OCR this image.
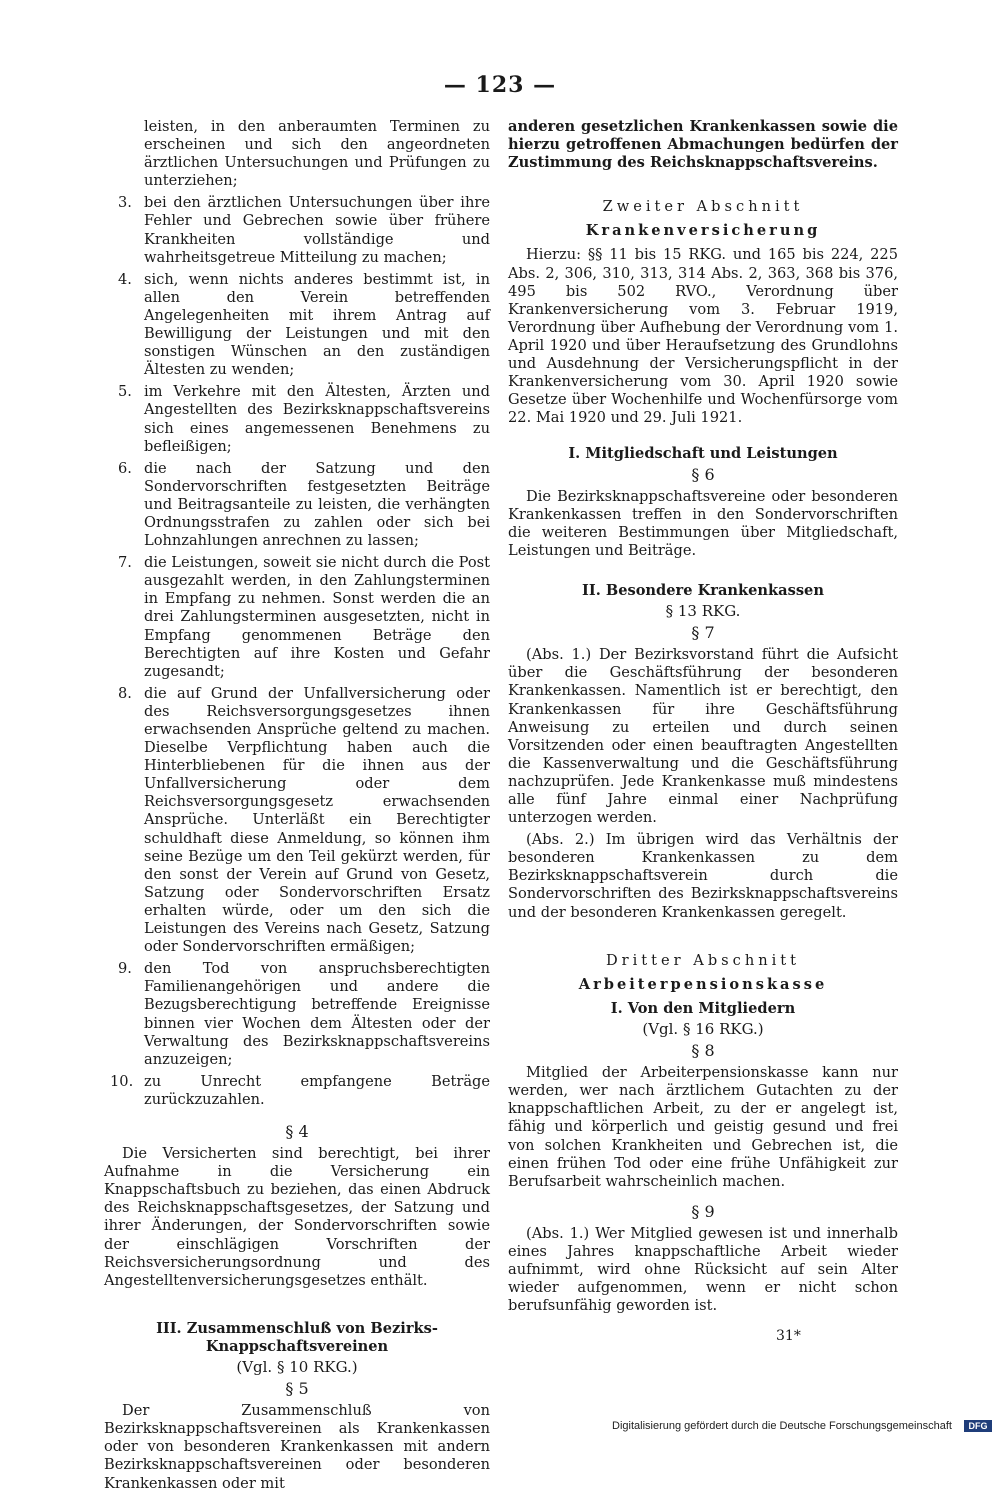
— 123 —
leisten, in den anberaumten Terminen zu erscheinen und sich den angeordneten ärztlichen Untersuchungen und Prüfungen zu unterziehen;
3. bei den ärztlichen Untersuchungen über ihre Fehler und Gebrechen sowie über frühere Krankheiten vollständige und wahrheitsgetreue Mitteilung zu machen;
4. sich, wenn nichts anderes bestimmt ist, in allen den Verein betreffenden Angelegenheiten mit ihrem Antrag auf Bewilligung der Leistungen und mit den sonstigen Wünschen an den zuständigen Ältesten zu wenden;
5. im Verkehre mit den Ältesten, Ärzten und Angestellten des Bezirksknappschaftsvereins sich eines angemessenen Benehmens zu befleißigen;
6. die nach der Satzung und den Sondervorschriften festgesetzten Beiträge und Beitragsanteile zu leisten, die verhängten Ordnungsstrafen zu zahlen oder sich bei Lohnzahlungen anrechnen zu lassen;
7. die Leistungen, soweit sie nicht durch die Post ausgezahlt werden, in den Zahlungsterminen in Empfang zu nehmen. Sonst werden die an drei Zahlungsterminen ausgesetzten, nicht in Empfang genommenen Beträge den Berechtigten auf ihre Kosten und Gefahr zugesandt;
8. die auf Grund der Unfallversicherung oder des Reichsversorgungsgesetzes ihnen erwachsenden Ansprüche geltend zu machen. Dieselbe Verpflichtung haben auch die Hinterbliebenen für die ihnen aus der Unfallversicherung oder dem Reichsversorgungsgesetz erwachsenden Ansprüche. Unterläßt ein Berechtigter schuldhaft diese Anmeldung, so können ihm seine Bezüge um den Teil gekürzt werden, für den sonst der Verein auf Grund von Gesetz, Satzung oder Sondervorschriften Ersatz erhalten würde, oder um den sich die Leistungen des Vereins nach Gesetz, Satzung oder Sondervorschriften ermäßigen;
9. den Tod von anspruchsberechtigten Familienangehörigen und andere die Bezugsberechtigung betreffende Ereignisse binnen vier Wochen dem Ältesten oder der Verwaltung des Bezirksknappschaftsvereins anzuzeigen;
10. zu Unrecht empfangene Beträge zurückzuzahlen.
§ 4

Die Versicherten sind berechtigt, bei ihrer Aufnahme in die Versicherung ein Knappschaftsbuch zu beziehen, das einen Abdruck des Reichsknappschaftsgesetzes, der Satzung und ihrer Änderungen, der Sondervorschriften sowie der einschlägigen Vorschriften der Reichsversicherungsordnung und des Angestelltenversicherungsgesetzes enthält.

III. Zusammenschluß von Bezirks-Knappschaftsvereinen
(Vgl. § 10 RKG.)
§ 5

Der Zusammenschluß von Bezirksknappschaftsvereinen als Krankenkassen oder von besonderen Krankenkassen mit andern Bezirksknappschaftsvereinen oder besonderen Krankenkassen oder mit

anderen gesetzlichen Krankenkassen sowie die hierzu getroffenen Abmachungen bedürfen der Zustimmung des Reichsknappschaftsvereins.

Zweiter Abschnitt
Krankenversicherung

Hierzu: §§ 11 bis 15 RKG. und 165 bis 224, 225 Abs. 2, 306, 310, 313, 314 Abs. 2, 363, 368 bis 376, 495 bis 502 RVO., Verordnung über Krankenversicherung vom 3. Februar 1919, Verordnung über Aufhebung der Verordnung vom 1. April 1920 und über Heraufsetzung des Grundlohns und Ausdehnung der Versicherungspflicht in der Krankenversicherung vom 30. April 1920 sowie Gesetze über Wochenhilfe und Wochenfürsorge vom 22. Mai 1920 und 29. Juli 1921.

I. Mitgliedschaft und Leistungen
§ 6

Die Bezirksknappschaftsvereine oder besonderen Krankenkassen treffen in den Sondervorschriften die weiteren Bestimmungen über Mitgliedschaft, Leistungen und Beiträge.

II. Besondere Krankenkassen
§ 13 RKG.
§ 7

(Abs. 1.) Der Bezirksvorstand führt die Aufsicht über die Geschäftsführung der besonderen Krankenkassen. Namentlich ist er berechtigt, den Krankenkassen für ihre Geschäftsführung Anweisung zu erteilen und durch seinen Vorsitzenden oder einen beauftragten Angestellten die Kassenverwaltung und die Geschäftsführung nachzuprüfen. Jede Krankenkasse muß mindestens alle fünf Jahre einmal einer Nachprüfung unterzogen werden.

(Abs. 2.) Im übrigen wird das Verhältnis der besonderen Krankenkassen zu dem Bezirksknappschaftsverein durch die Sondervorschriften des Bezirksknappschaftsvereins und der besonderen Krankenkassen geregelt.

Dritter Abschnitt
Arbeiterpensionskasse
I. Von den Mitgliedern
(Vgl. § 16 RKG.)
§ 8

Mitglied der Arbeiterpensionskasse kann nur werden, wer nach ärztlichem Gutachten zu der knappschaftlichen Arbeit, zu der er angelegt ist, fähig und körperlich und geistig gesund und frei von solchen Krankheiten und Gebrechen ist, die einen frühen Tod oder eine frühe Unfähigkeit zur Berufsarbeit wahrscheinlich machen.

§ 9

(Abs. 1.) Wer Mitglied gewesen ist und innerhalb eines Jahres knappschaftliche Arbeit wieder aufnimmt, wird ohne Rücksicht auf sein Alter wieder aufgenommen, wenn er nicht schon berufsunfähig geworden ist.

31*
Digitalisierung gefördert durch die Deutsche Forschungsgemeinschaft	DFG
